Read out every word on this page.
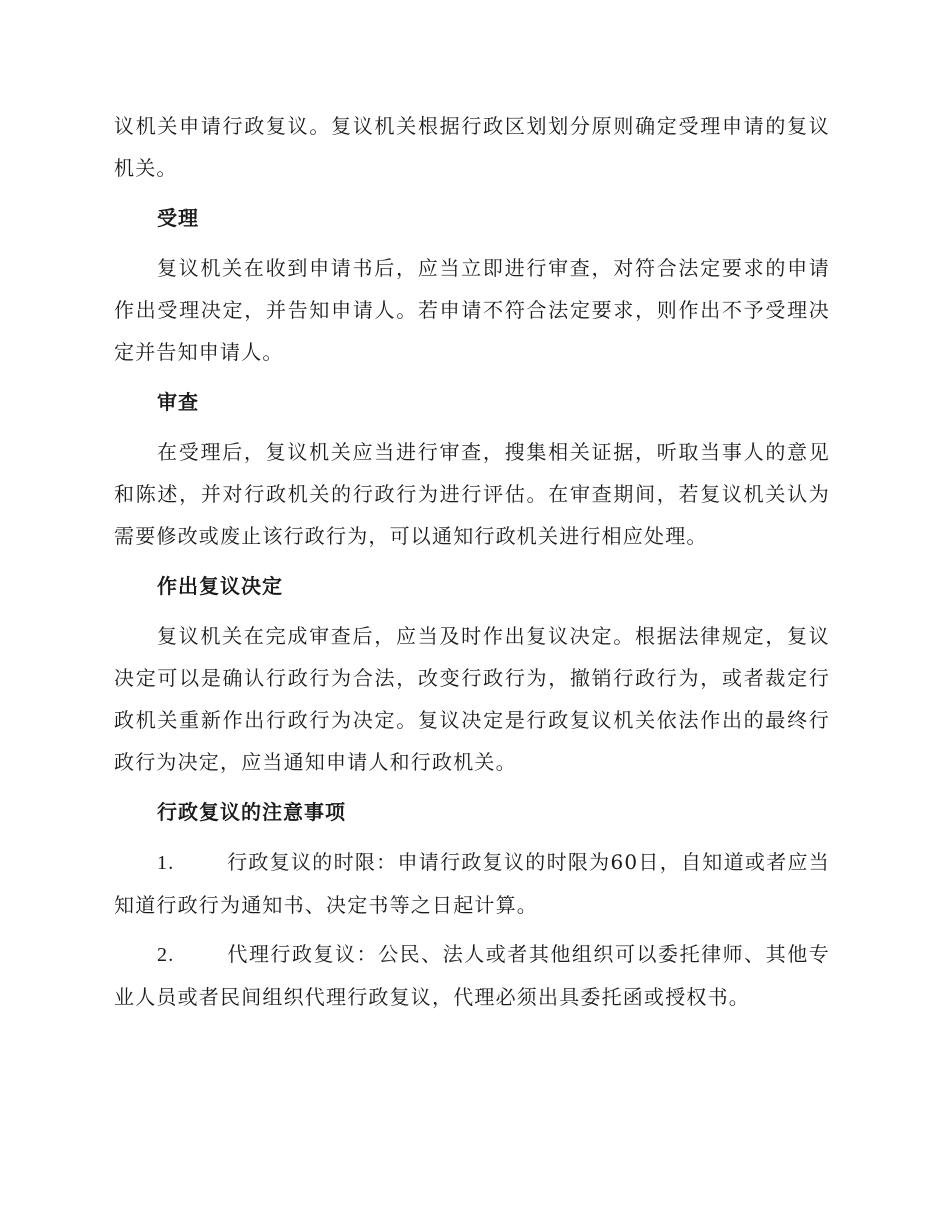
议机关申请行政复议。复议机关根据行政区划划分原则确定受理申请的复议机关。

受理

复议机关在收到申请书后，应当立即进行审查，对符合法定要求的申请作出受理决定，并告知申请人。若申请不符合法定要求，则作出不予受理决定并告知申请人。

审查

在受理后，复议机关应当进行审查，搜集相关证据，听取当事人的意见和陈述，并对行政机关的行政行为进行评估。在审查期间，若复议机关认为需要修改或废止该行政行为，可以通知行政机关进行相应处理。

作出复议决定

复议机关在完成审查后，应当及时作出复议决定。根据法律规定，复议决定可以是确认行政行为合法，改变行政行为，撤销行政行为，或者裁定行政机关重新作出行政行为决定。复议决定是行政复议机关依法作出的最终行政行为决定，应当通知申请人和行政机关。

行政复议的注意事项

1.	行政复议的时限：申请行政复议的时限为60日，自知道或者应当知道行政行为通知书、决定书等之日起计算。

2.	代理行政复议：公民、法人或者其他组织可以委托律师、其他专业人员或者民间组织代理行政复议，代理必须出具委托函或授权书。
